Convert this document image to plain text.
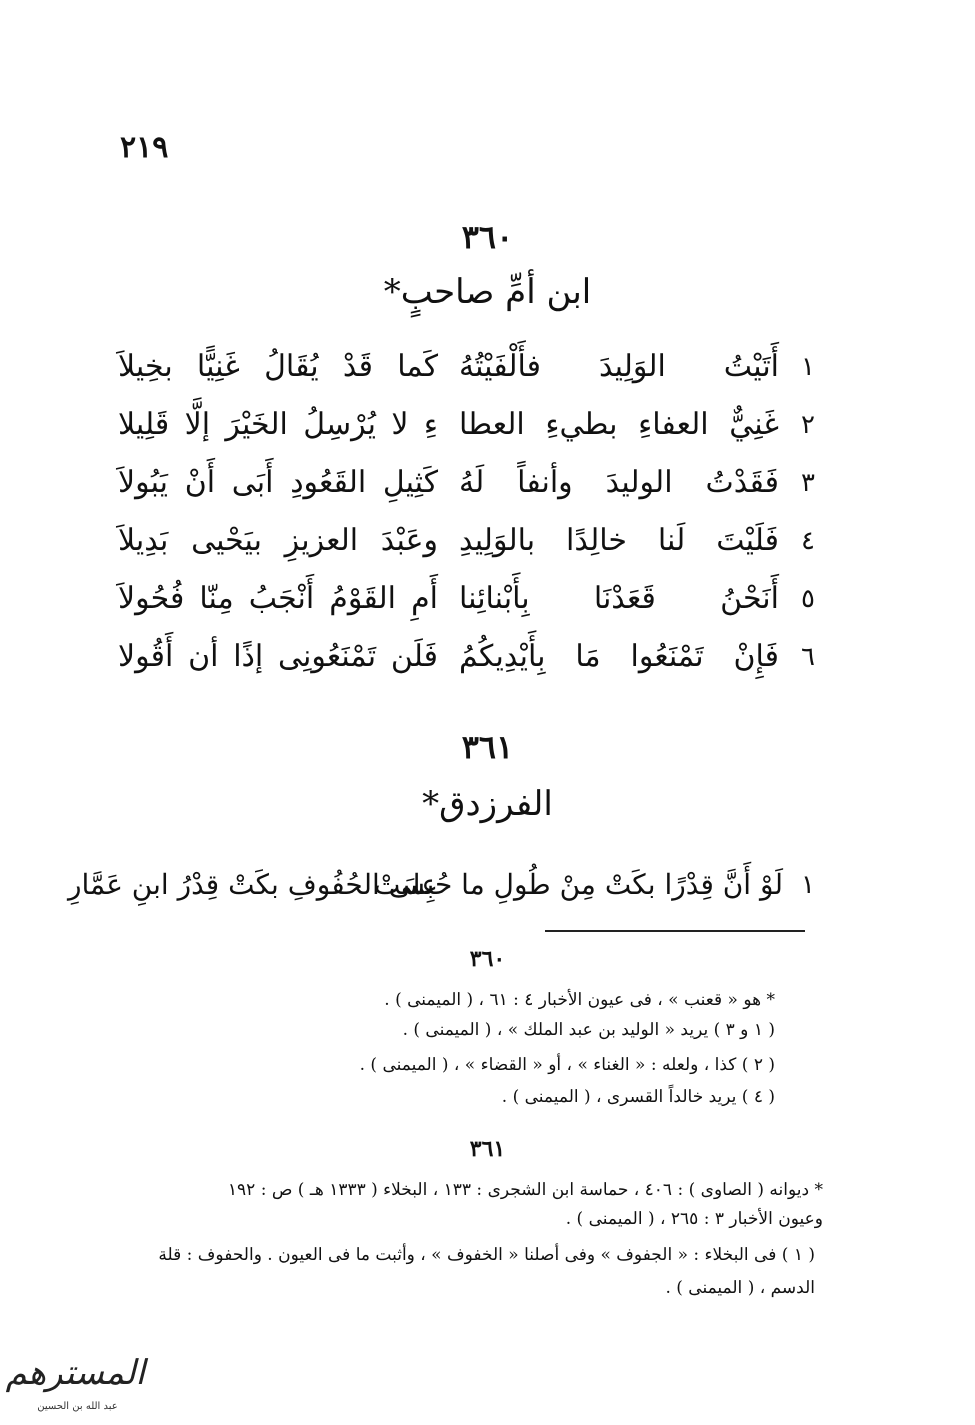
٢١٩
٣٦٠
ابن أمِّ صاحبٍ*
١
أَتَيْتُ الوَلِيدَ فأَلْفَيْتُهُ
كَما قَدْ يُقَالُ غَنِيًّا بخِيلاَ
٢
غَنِيٌّ العفاءِ بطيءِ العطا
ءِ لا يُرْسِلُ الخَيْرَ إلَّا قَلِيلا
٣
فَقَدْتُ الوليدَ وأنفاً لَهُ
كَثِيلِ القَعُودِ أَبَى أَنْ يَبُولاَ
٤
فَلَيْتَ لَنا خالِدًا بالوَلِيدِ
وعَبْدَ العزيزِ بيَحْيى بَدِيلاَ
٥
أَنَحْنُ قَعَدْنَا بِأَبْنائِنا
أَمِ القَوْمُ أَنْجَبُ مِنّا فُحُولاَ
٦
فَإِنْ تَمْنَعُوا مَا بِأَيْدِيكُمُ
فَلَن تَمْنَعُونِى إذًا أن أَقُولا
٣٦١
الفرزدق*
١
لَوْ أَنَّ قِدْرًا بكَتْ مِنْ طُولِ ما حُبِسَتْ
على الحُفُوفِ بكَتْ قِدْرُ ابنِ عَمَّارِ
٣٦٠
* هو « قعنب » ، فى عيون الأخبار ٤ : ٦١ ، ( الميمنى ) .
( ١ و ٣ ) يريد « الوليد بن عبد الملك » ، ( الميمنى ) .
( ٢ ) كذا ، ولعله : « الغناء » ، أو « القضاء » ، ( الميمنى ) .
( ٤ ) يريد خالداً القسرى ، ( الميمنى ) .
٣٦١
* ديوانه ( الصاوى ) : ٤٠٦ ، حماسة ابن الشجرى : ١٣٣ ، البخلاء ( ١٣٣٣ هـ ) ص : ١٩٢
وعيون الأخبار ٣ : ٢٦٥ ، ( الميمنى ) .
( ١ ) فى البخلاء : « الجفوف » وفى أصلنا « الخفوف » ، وأثبت ما فى العيون . والحفوف : قلة
الدسم ، ( الميمنى ) .
المسترهم
عبد الله بن الحسين
